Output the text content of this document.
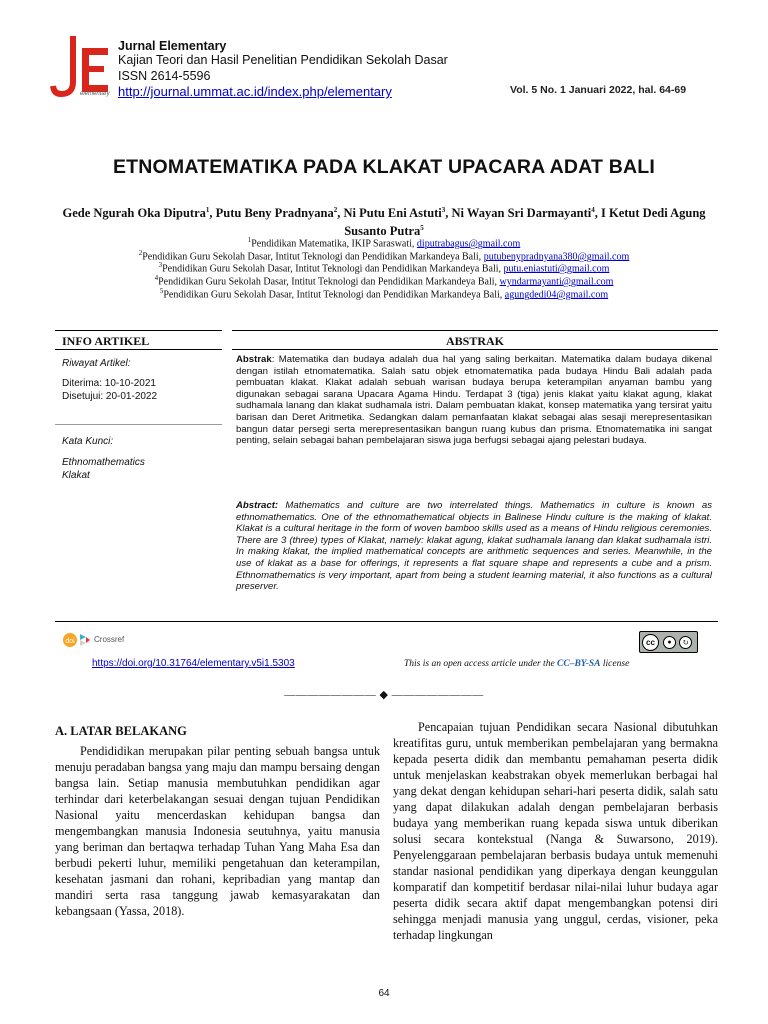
elementary
Jurnal Elementary
Kajian Teori dan Hasil Penelitian Pendidikan Sekolah Dasar
ISSN 2614-5596
http://journal.ummat.ac.id/index.php/elementary	Vol. 5 No. 1 Januari 2022, hal. 64-69
ETNOMATEMATIKA PADA KLAKAT UPACARA ADAT BALI
Gede Ngurah Oka Diputra$^1$, Putu Beny Pradnyana$^2$, Ni Putu Eni Astuti$^3$, Ni Wayan Sri Darmayanti$^4$, I Ketut Dedi Agung Susanto Putra$^5$
$^1$Pendidikan Matematika, IKIP Saraswati, diputrabagus@gmail.com
$^2$Pendidikan Guru Sekolah Dasar, Intitut Teknologi dan Pendidikan Markandeya Bali, putubenypradnyana380@gmail.com
$^3$Pendidikan Guru Sekolah Dasar, Intitut Teknologi dan Pendidikan Markandeya Bali, putu.eniastuti@gmail.com
$^4$Pendidikan Guru Sekolah Dasar, Intitut Teknologi dan Pendidikan Markandeya Bali, wyndarmayanti@gmail.com
$^5$Pendidikan Guru Sekolah Dasar, Intitut Teknologi dan Pendidikan Markandeya Bali, agungdedi04@gmail.com
INFO ARTIKEL	ABSTRAK
Riwayat Artikel:
Diterima: 10-10-2021
Disetujui: 20-01-2022
Kata Kunci:
Ethnomathematics
Klakat
Abstrak: Matematika dan budaya adalah dua hal yang saling berkaitan. Matematika dalam budaya dikenal dengan istilah etnomatematika. Salah satu objek etnomatematika pada budaya Hindu Bali adalah pada pembuatan klakat. Klakat adalah sebuah warisan budaya berupa keterampilan anyaman bambu yang digunakan sebagai sarana Upacara Agama Hindu. Terdapat 3 (tiga) jenis klakat yaitu klakat agung, klakat sudhamala lanang dan klakat sudhamala istri. Dalam pembuatan klakat, konsep matematika yang tersirat yaitu barisan dan Deret Aritmetika. Sedangkan dalam pemanfaatan klakat sebagai alas sesaji merepresentasikan bangun datar persegi serta merepresentasikan bangun ruang kubus dan prisma. Etnomatematika ini sangat penting, selain sebagai bahan pembelajaran siswa juga berfugsi sebagai ajang pelestari budaya.
Abstract: Mathematics and culture are two interrelated things. Mathematics in culture is known as ethnomathematics. One of the ethnomathematical objects in Balinese Hindu culture is the making of klakat. Klakat is a cultural heritage in the form of woven bamboo skills used as a means of Hindu religious ceremonies. There are 3 (three) types of Klakat, namely: klakat agung, klakat sudhamala lanang dan klakat sudhamala istri. In making klakat, the implied mathematical concepts are arithmetic sequences and series. Meanwhile, in the use of klakat as a base for offerings, it represents a flat square shape and represents a cube and a prism. Ethnomathematics is very important, apart from being a student learning material, it also functions as a cultural preserver.
doi Crossref	cc	●	↻
https://doi.org/10.31764/elementary.v5i1.5303	This is an open access article under the CC–BY-SA license
———————— ◆ ————————
A. LATAR BELAKANG

Pendididikan merupakan pilar penting sebuah bangsa untuk menuju peradaban bangsa yang maju dan mampu bersaing dengan bangsa lain. Setiap manusia membutuhkan pendidikan agar terhindar dari keterbelakangan sesuai dengan tujuan Pendidikan Nasional yaitu mencerdaskan kehidupan bangsa dan mengembangkan manusia Indonesia seutuhnya, yaitu manusia yang beriman dan bertaqwa terhadap Tuhan Yang Maha Esa dan berbudi pekerti luhur, memiliki pengetahuan dan keterampilan, kesehatan jasmani dan rohani, kepribadian yang mantap dan mandiri serta rasa tanggung jawab kemasyarakatan dan kebangsaan (Yassa, 2018).

Pencapaian tujuan Pendidikan secara Nasional dibutuhkan kreatifitas guru, untuk memberikan pembelajaran yang bermakna kepada peserta didik dan membantu pemahaman peserta didik untuk menjelaskan keabstrakan obyek memerlukan berbagai hal yang dekat dengan kehidupan sehari-hari peserta didik, salah satu yang dapat dilakukan adalah dengan pembelajaran berbasis budaya yang memberikan ruang kepada siswa untuk diberikan solusi secara kontekstual (Nanga & Suwarsono, 2019). Penyelenggaraan pembelajaran berbasis budaya untuk memenuhi standar nasional pendidikan yang diperkaya dengan keunggulan komparatif dan kompetitif berdasar nilai-nilai luhur budaya agar peserta didik secara aktif dapat mengembangkan potensi diri sehingga menjadi manusia yang unggul, cerdas, visioner, peka terhadap lingkungan

64
